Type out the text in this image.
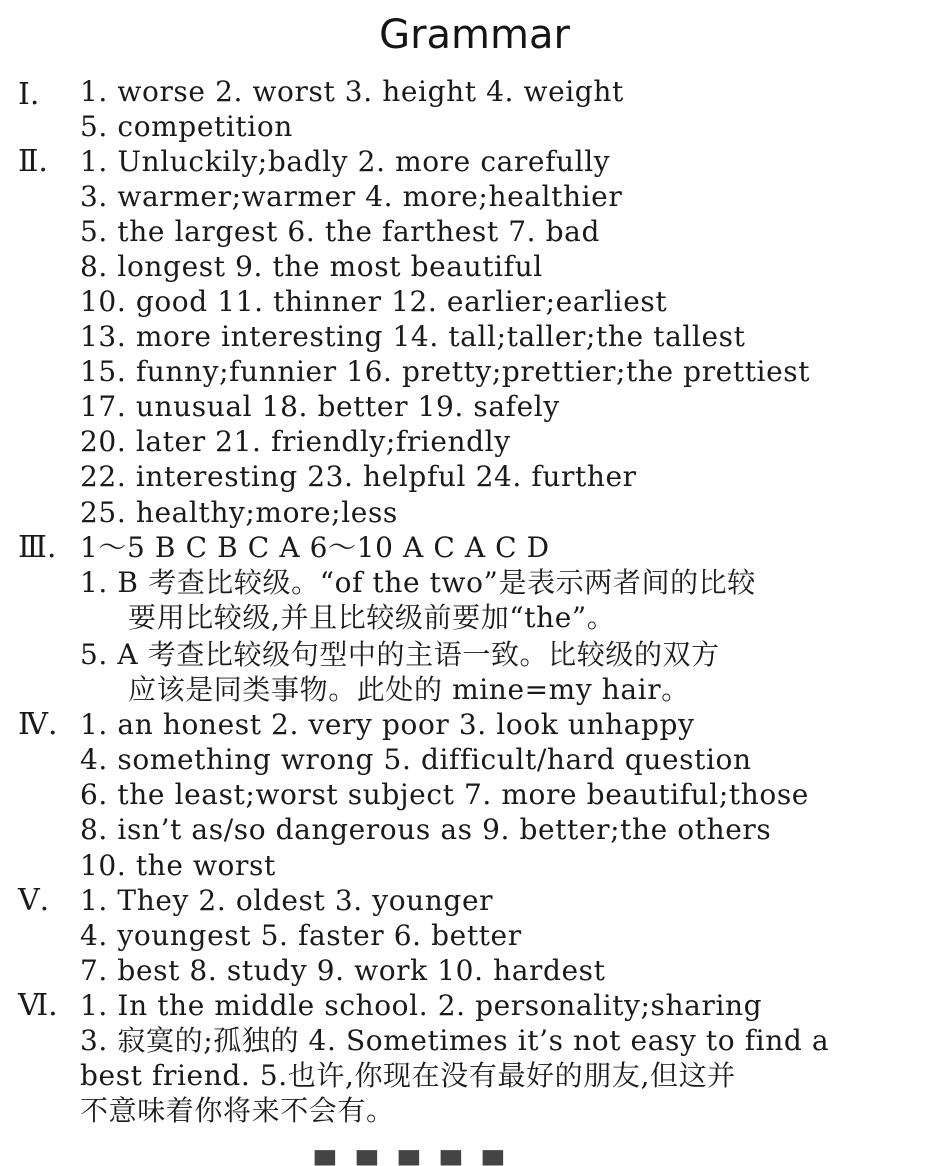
Grammar
Ⅰ. 1. worse 2. worst 3. height 4. weight
5. competition
Ⅱ. 1. Unluckily;badly 2. more carefully
3. warmer;warmer 4. more;healthier
5. the largest 6. the farthest 7. bad
8. longest 9. the most beautiful
10. good 11. thinner 12. earlier;earliest
13. more interesting 14. tall;taller;the tallest
15. funny;funnier 16. pretty;prettier;the prettiest
17. unusual 18. better 19. safely
20. later 21. friendly;friendly
22. interesting 23. helpful 24. further
25. healthy;more;less
Ⅲ. 1～5 B C B C A 6～10 A C A C D
1. B 考查比较级。“of the two”是表示两者间的比较
要用比较级,并且比较级前要加“the”。
5. A 考查比较级句型中的主语一致。比较级的双方
应该是同类事物。此处的 mine=my hair。
Ⅳ. 1. an honest 2. very poor 3. look unhappy
4. something wrong 5. difficult/hard question
6. the least;worst subject 7. more beautiful;those
8. isn’t as/so dangerous as 9. better;the others
10. the worst
Ⅴ. 1. They 2. oldest 3. younger
4. youngest 5. faster 6. better
7. best 8. study 9. work 10. hardest
Ⅵ. 1. In the middle school. 2. personality;sharing
3. 寂寞的;孤独的 4. Sometimes it’s not easy to find a
best friend. 5.也许,你现在没有最好的朋友,但这并
不意味着你将来不会有。
▄ ▄ ▄ ▄ ▄
